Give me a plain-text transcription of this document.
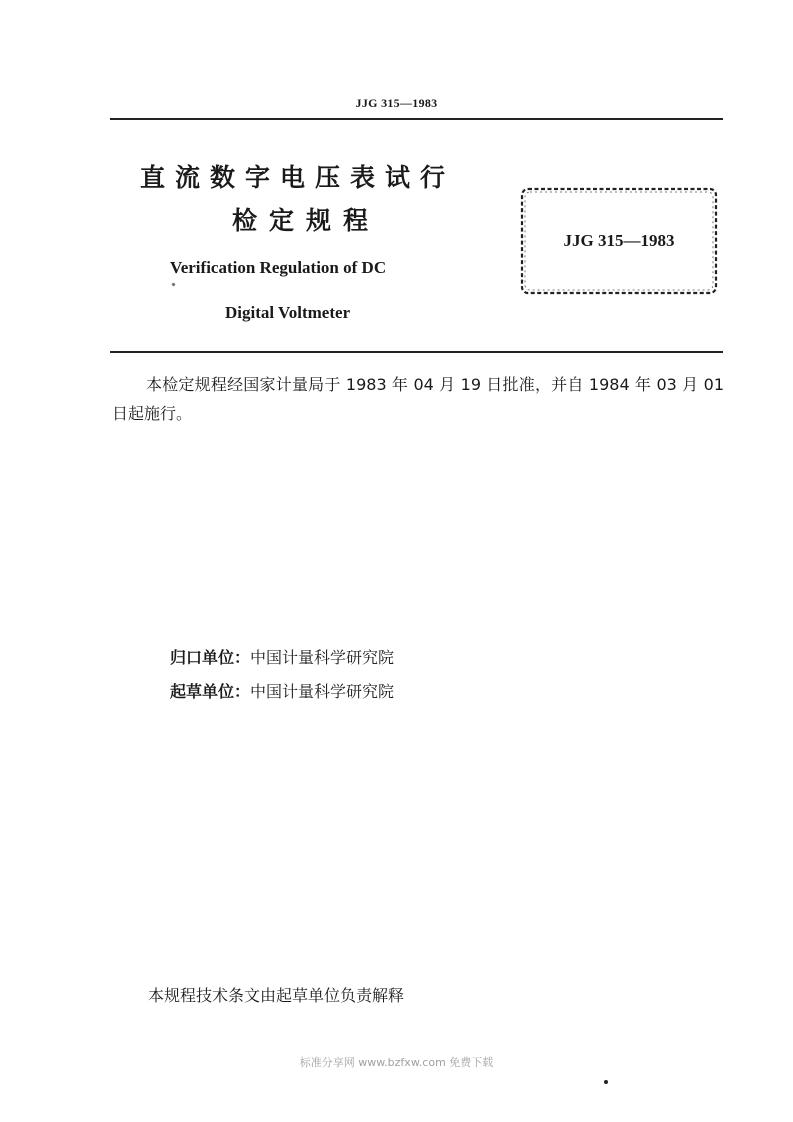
JJG 315—1983
直流数字电压表试行
检定规程
Verification Regulation of DC
Digital Voltmeter
JJG 315—1983
本检定规程经国家计量局于 1983 年 04 月 19 日批准，并自 1984 年 03 月 01 日起施行。
归口单位：中国计量科学研究院
起草单位：中国计量科学研究院
本规程技术条文由起草单位负责解释
标准分享网 www.bzfxw.com 免费下载
